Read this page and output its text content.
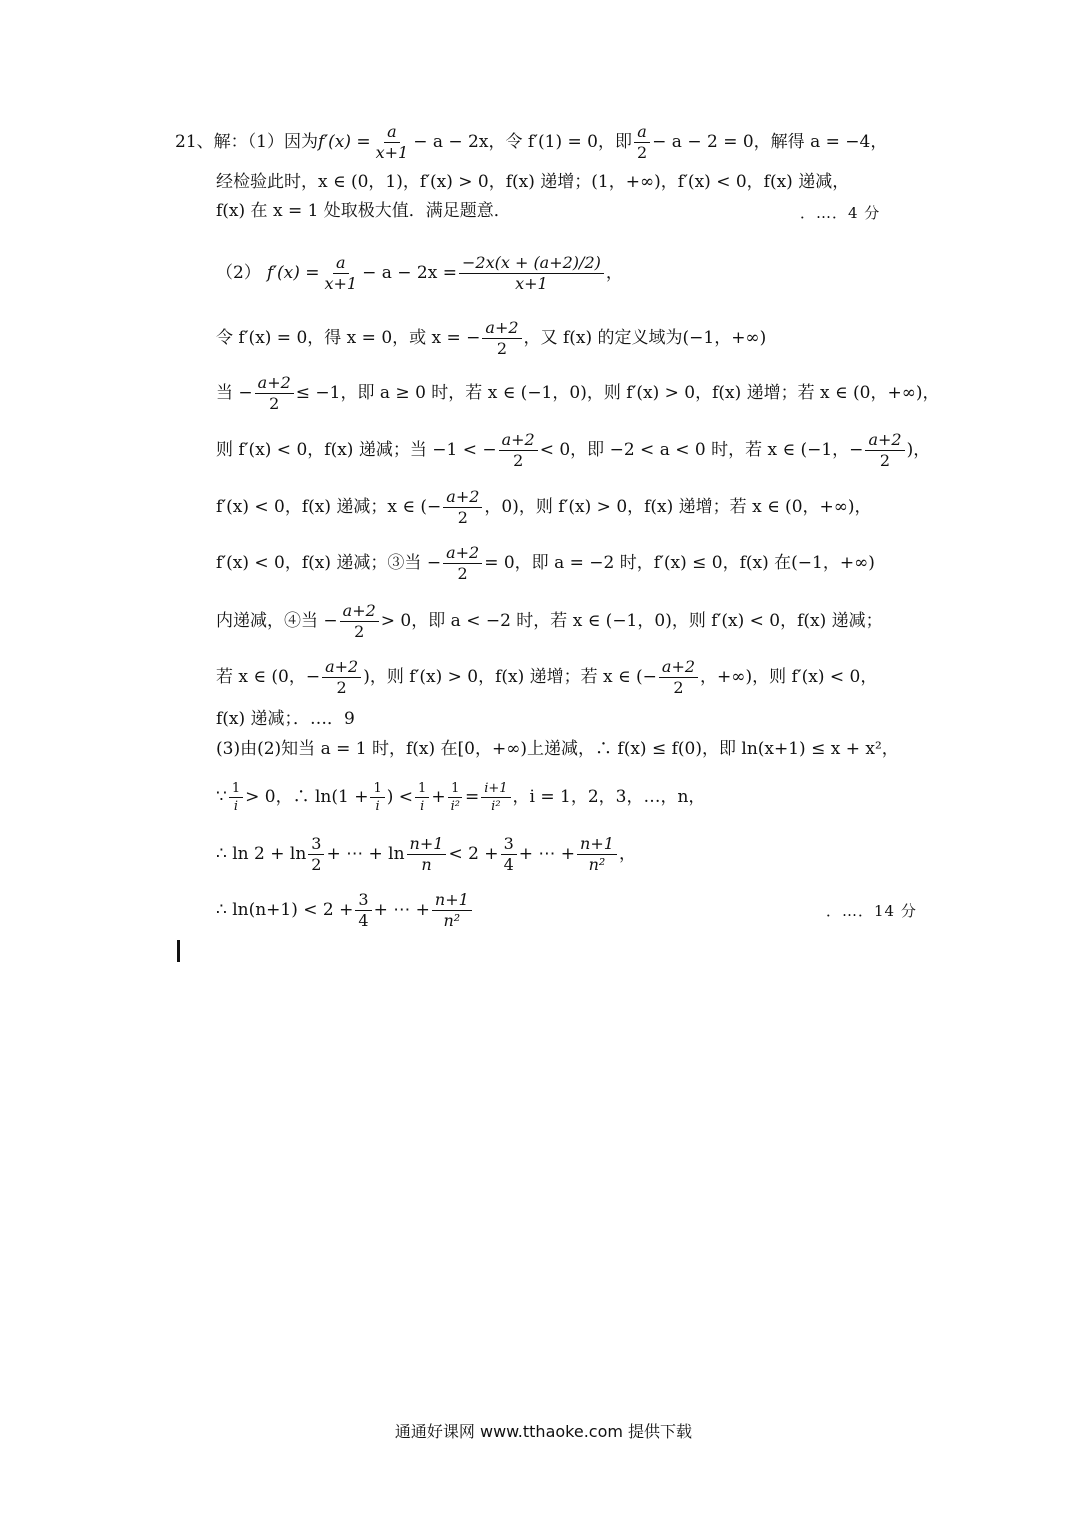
21、解：（1）因为 $f'(x) = \frac{a}{x+1} - a - 2x$，令 f′(1) = 0，即 $\frac{a}{2} - a - 2 = 0$，解得 a = −4，
经检验此时，x ∈ (0，1)，f′(x) > 0，f(x) 递增；(1，+∞)，f′(x) < 0，f(x) 递减，
f(x) 在 x = 1 处取极大值．满足题意．	．…．4 分
（2） $f'(x) = \frac{a}{x+1} - a - 2x = \frac{-2x(x + (a+2)/2)}{x+1}$ ，
令 f′(x) = 0，得 x = 0，或 x = − $\frac{a+2}{2}$ ，又 f(x) 的定义域为(−1，+∞)
当 − $\frac{a+2}{2} \le -1$，即 a ≥ 0 时，若 x ∈ (−1，0)，则 f′(x) > 0，f(x) 递增；若 x ∈ (0，+∞)，
则 f′(x) < 0，f(x) 递减；当 −1 < − $\frac{a+2}{2} < 0$，即 −2 < a < 0 时，若 x ∈ (−1，− $\frac{a+2}{2}$ )，
f′(x) < 0，f(x) 递减；x ∈ (− $\frac{a+2}{2}$ ，0)，则 f′(x) > 0，f(x) 递增；若 x ∈ (0，+∞)，
f′(x) < 0，f(x) 递减；③当 − $\frac{a+2}{2} = 0$，即 a = −2 时，f′(x) ≤ 0，f(x) 在(−1，+∞)
内递减，④当 − $\frac{a+2}{2} > 0$，即 a < −2 时，若 x ∈ (−1，0)，则 f′(x) < 0，f(x) 递减；
若 x ∈ (0，− $\frac{a+2}{2}$ )，则 f′(x) > 0，f(x) 递增；若 x ∈ (− $\frac{a+2}{2}$ ，+∞)，则 f′(x) < 0，
f(x) 递减；．…．9
(3)由(2)知当 a = 1 时，f(x) 在[0，+∞)上递减，∴ f(x) ≤ f(0)，即 ln(x+1) ≤ x + x²，
∵ $\frac{1}{i} > 0$，∴ $\ln(1 + \frac{1}{i}$ ) < $\frac{1}{i} + \frac{1}{\text{i²}} = \frac{i+1}{\text{i²}}$ ，i = 1，2，3，…，n，
∴ $\ln 2 + \ln \frac{3}{2}$ + ⋯ + $\ln \frac{n+1}{n} < 2 + \frac{3}{4}$ + ⋯ + $\frac{n+1}{\text{n²}}$ ，
∴ $\ln(n+1) < 2 + \frac{3}{4}$ + ⋯ + $\frac{n+1}{\text{n²}}$	．…．14 分
通通好课网 www.tthaoke.com 提供下载
